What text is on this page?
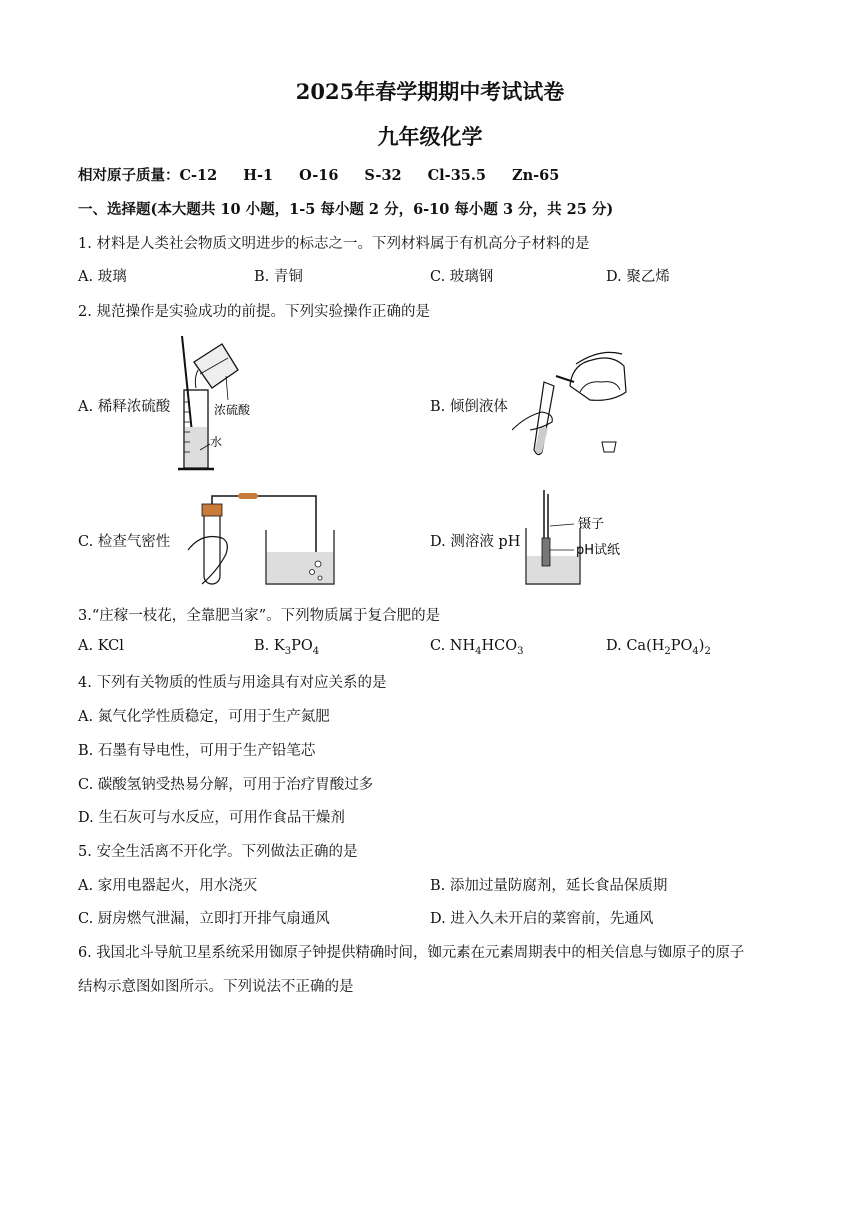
2025年春学期期中考试试卷
九年级化学
相对原子质量：C-12 H-1 O-16 S-32 Cl-35.5 Zn-65
一、选择题(本大题共 10 小题，1-5 每小题 2 分，6-10 每小题 3 分，共 25 分)
1. 材料是人类社会物质文明进步的标志之一。下列材料属于有机高分子材料的是
A. 玻璃	B. 青铜	C. 玻璃钢	D. 聚乙烯
2. 规范操作是实验成功的前提。下列实验操作正确的是
A. 稀释浓硫酸	B. 倾倒液体
C. 检查气密性	D. 测溶液 pH
浓硫酸
水
镊子
pH试纸
3.“庄稼一枝花，全靠肥当家”。下列物质属于复合肥的是
A. KCl	B. $K_3PO_4$	C. $NH_4HCO_3$	D. $Ca(H_2PO_4)_2$
4. 下列有关物质的性质与用途具有对应关系的是
A. 氮气化学性质稳定，可用于生产氮肥
B. 石墨有导电性，可用于生产铅笔芯
C. 碳酸氢钠受热易分解，可用于治疗胃酸过多
D. 生石灰可与水反应，可用作食品干燥剂
5. 安全生活离不开化学。下列做法正确的是
A. 家用电器起火，用水浇灭	B. 添加过量防腐剂，延长食品保质期
C. 厨房燃气泄漏，立即打开排气扇通风	D. 进入久未开启的菜窖前，先通风
6. 我国北斗导航卫星系统采用铷原子钟提供精确时间，铷元素在元素周期表中的相关信息与铷原子的原子
结构示意图如图所示。下列说法不正确的是
